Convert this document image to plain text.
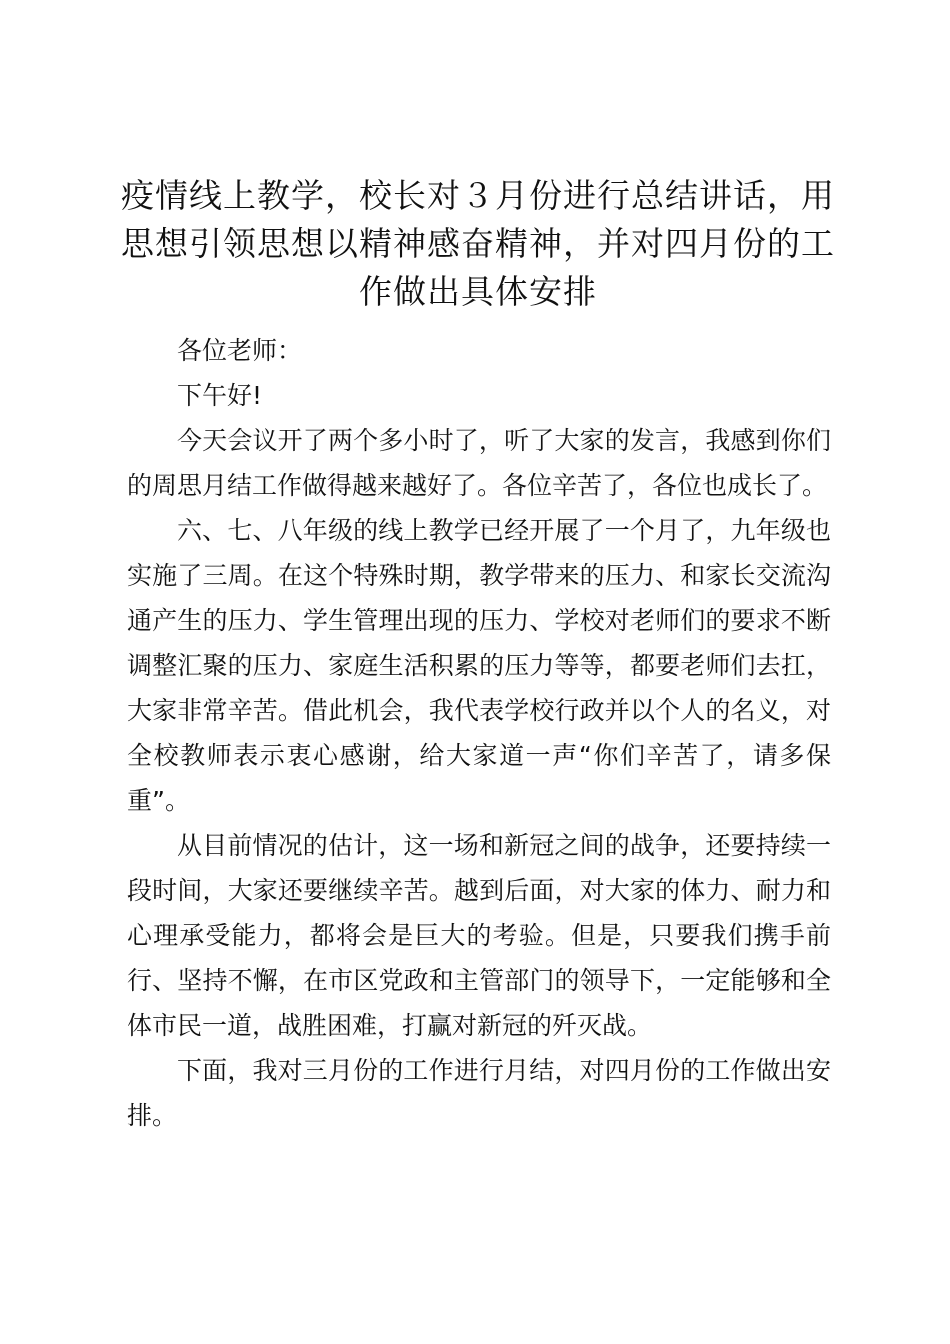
疫情线上教学，校长对３月份进行总结讲话，用思想引领思想以精神感奋精神，并对四月份的工作做出具体安排

各位老师：

下午好!

今天会议开了两个多小时了，听了大家的发言，我感到你们的周思月结工作做得越来越好了。各位辛苦了，各位也成长了。

六、七、八年级的线上教学已经开展了一个月了，九年级也实施了三周。在这个特殊时期，教学带来的压力、和家长交流沟通产生的压力、学生管理出现的压力、学校对老师们的要求不断调整汇聚的压力、家庭生活积累的压力等等，都要老师们去扛，大家非常辛苦。借此机会，我代表学校行政并以个人的名义，对全校教师表示衷心感谢，给大家道一声“你们辛苦了，请多保重”。

从目前情况的估计，这一场和新冠之间的战争，还要持续一段时间，大家还要继续辛苦。越到后面，对大家的体力、耐力和心理承受能力，都将会是巨大的考验。但是，只要我们携手前行、坚持不懈，在市区党政和主管部门的领导下，一定能够和全体市民一道，战胜困难，打赢对新冠的歼灭战。

下面，我对三月份的工作进行月结，对四月份的工作做出安排。
